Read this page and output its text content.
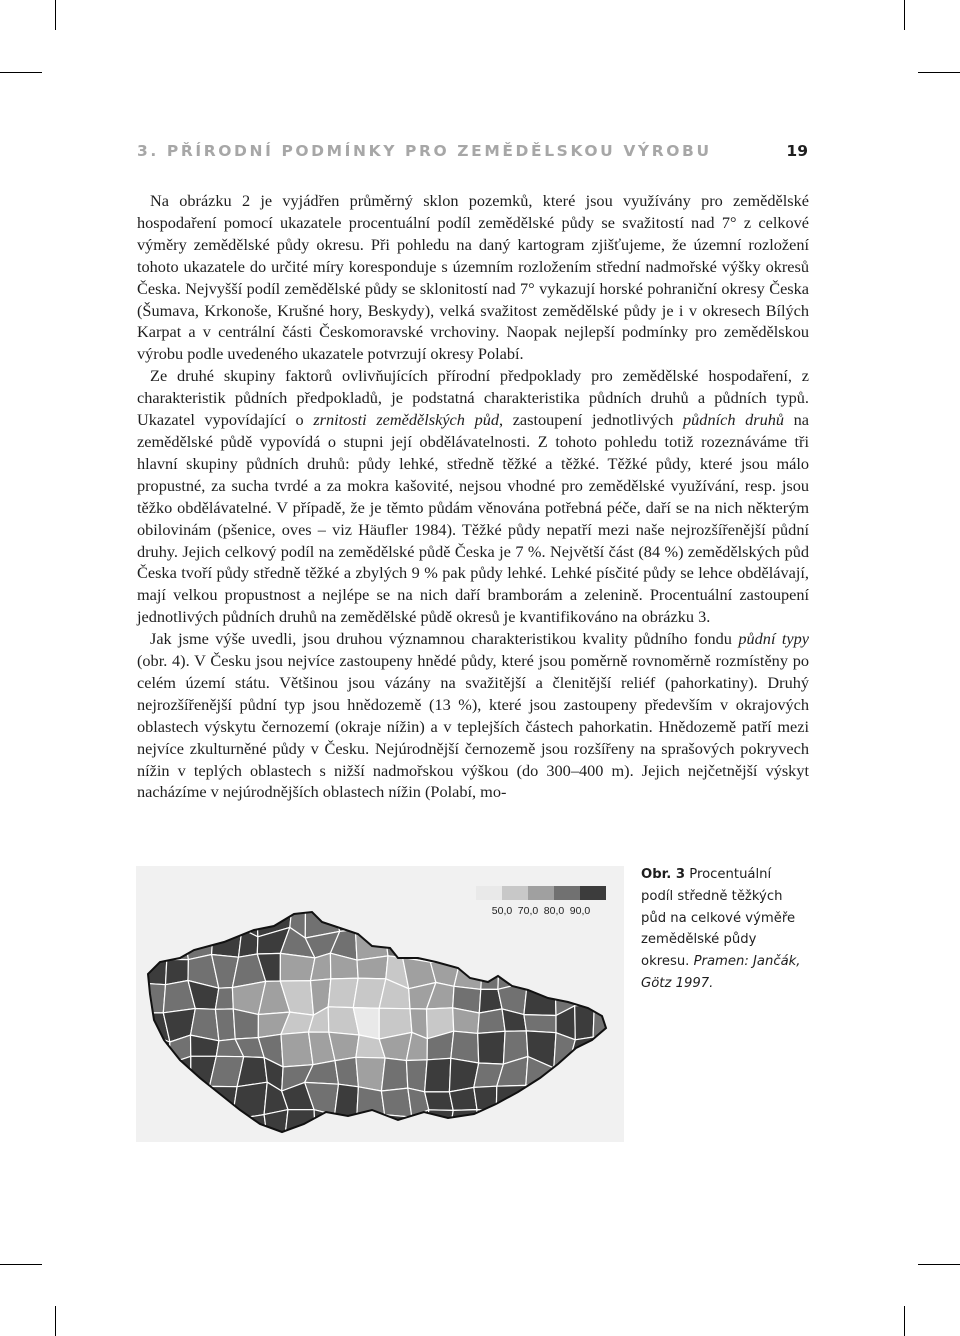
3. PŘÍRODNÍ PODMÍNKY PRO ZEMĚDĚLSKOU VÝROBU	19

Na obrázku 2 je vyjádřen průměrný sklon pozemků, které jsou využívány pro zemědělské hospodaření pomocí ukazatele procentuální podíl zemědělské půdy se svažitostí nad 7° z celkové výměry zemědělské půdy okresu. Při pohledu na daný kartogram zjišťujeme, že územní rozložení tohoto ukazatele do určité míry koresponduje s územním rozložením střední nadmořské výšky okresů Česka. Nejvyšší podíl zemědělské půdy se sklonitostí nad 7° vykazují horské pohraniční okresy Česka (Šumava, Krkonoše, Krušné hory, Beskydy), velká svažitost zemědělské půdy je i v okresech Bílých Karpat a v centrální části Českomoravské vrchoviny. Naopak nejlepší podmínky pro zemědělskou výrobu podle uvedeného ukazatele potvrzují okresy Polabí.

Ze druhé skupiny faktorů ovlivňujících přírodní předpoklady pro zemědělské hospodaření, z charakteristik půdních předpokladů, je podstatná charakteristika půdních druhů a půdních typů. Ukazatel vypovídající o zrnitosti zemědělských půd, zastoupení jednotlivých půdních druhů na zemědělské půdě vypovídá o stupni její obdělávatelnosti. Z tohoto pohledu totiž rozeznáváme tři hlavní skupiny půdních druhů: půdy lehké, středně těžké a těžké. Těžké půdy, které jsou málo propustné, za sucha tvrdé a za mokra kašovité, nejsou vhodné pro zemědělské využívání, resp. jsou těžko obdělávatelné. V případě, že je těmto půdám věnována potřebná péče, daří se na nich některým obilovinám (pšenice, oves – viz Häufler 1984). Těžké půdy nepatří mezi naše nejrozšířenější půdní druhy. Jejich celkový podíl na zemědělské půdě Česka je 7 %. Největší část (84 %) zemědělských půd Česka tvoří půdy středně těžké a zbylých 9 % pak půdy lehké. Lehké písčité půdy se lehce obdělávají, mají velkou propustnost a nejlépe se na nich daří bramborám a zelenině. Procentuální zastoupení jednotlivých půdních druhů na zemědělské půdě okresů je kvantifikováno na obrázku 3.

Jak jsme výše uvedli, jsou druhou významnou charakteristikou kvality půdního fondu půdní typy (obr. 4). V Česku jsou nejvíce zastoupeny hnědé půdy, které jsou poměrně rovnoměrně rozmístěny po celém území státu. Většinou jsou vázány na svažitější a členitější reliéf (pahorkatiny). Druhý nejrozšířenější půdní typ jsou hnědozemě (13 %), které jsou zastoupeny především v okrajových oblastech výskytu černozemí (okraje nížin) a v teplejších částech pahorkatin. Hnědozemě patří mezi nejvíce zkulturněné půdy v Česku. Nejúrodnější černozemě jsou rozšířeny na sprašových pokryvech nížin v teplých oblastech s nižší nadmořskou výškou (do 300–400 m). Jejich nejčetnější výskyt nacházíme v nejúrodnějších oblastech nížin (Polabí, mo-

50,0 70,0 80,0 90,0
Obr. 3 Procentuální podíl středně těžkých půd na celkové výměře zemědělské půdy okresu. Pramen: Jančák, Götz 1997.
